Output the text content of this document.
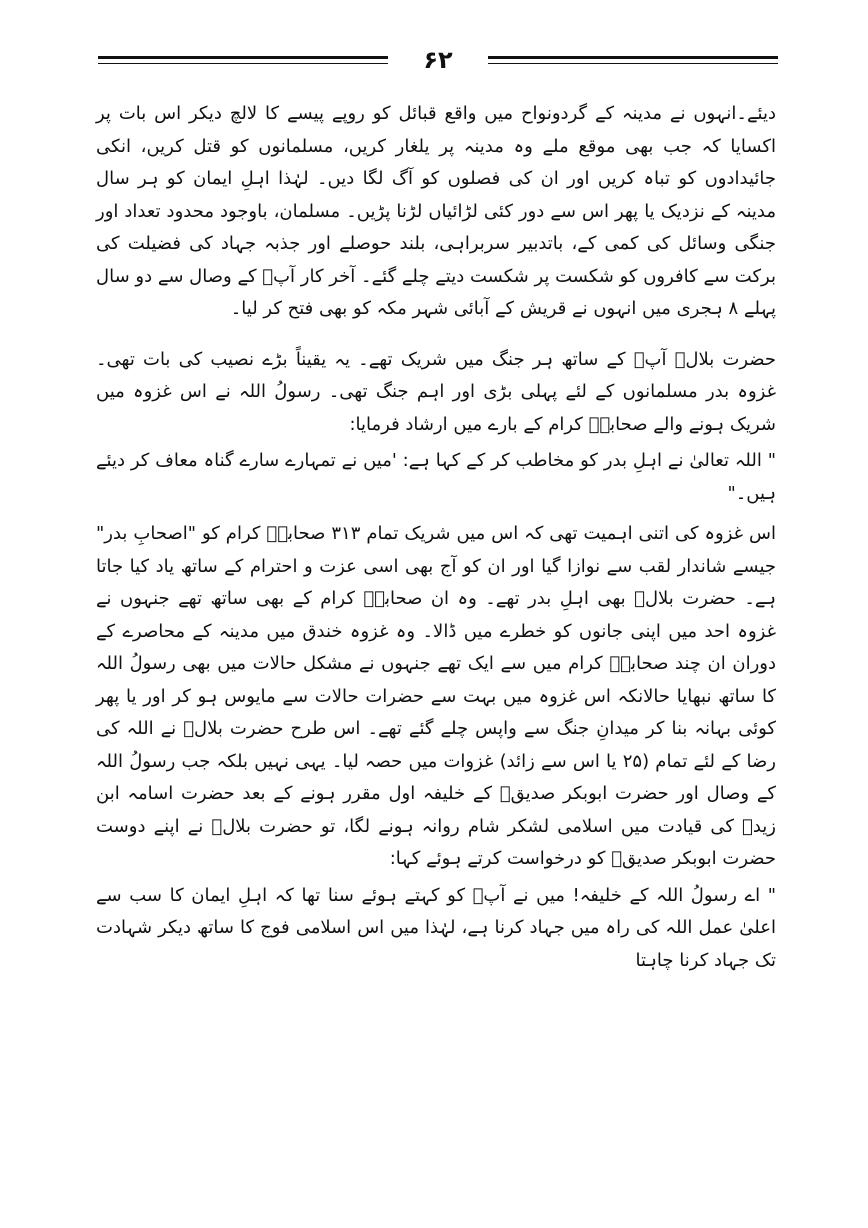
۶۲

دیئے۔انہوں نے مدینہ کے گردونواح میں واقع قبائل کو روپے پیسے کا لالچ دیکر اس بات پر اکسایا کہ جب بھی موقع ملے وہ مدینہ پر یلغار کریں، مسلمانوں کو قتل کریں، انکی جائیدادوں کو تباہ کریں اور ان کی فصلوں کو آگ لگا دیں۔ لہٰذا اہلِ ایمان کو ہر سال مدینہ کے نزدیک یا پھر اس سے دور کئی لڑائیاں لڑنا پڑیں۔ مسلمان، باوجود محدود تعداد اور جنگی وسائل کی کمی کے، باتدبیر سربراہی، بلند حوصلے اور جذبہ جہاد کی فضیلت کی برکت سے کافروں کو شکست پر شکست دیتے چلے گئے۔ آخر کار آپؐ کے وصال سے دو سال پہلے ۸ ہجری میں انہوں نے قریش کے آبائی شہر مکہ کو بھی فتح کر لیا۔

حضرت بلالؓ آپؐ کے ساتھ ہر جنگ میں شریک تھے۔ یہ یقیناً بڑے نصیب کی بات تھی۔ غزوہ بدر مسلمانوں کے لئے پہلی بڑی اور اہم جنگ تھی۔ رسولُ اللہ نے اس غزوہ میں شریک ہونے والے صحابہؓ کرام کے بارے میں ارشاد فرمایا:

" اللہ تعالیٰ نے اہلِ بدر کو مخاطب کر کے کہا ہے: 'میں نے تمہارے سارے گناہ معاف کر دیئے ہیں۔"

اس غزوہ کی اتنی اہمیت تھی کہ اس میں شریک تمام ۳۱۳ صحابہؓ کرام کو "اصحابِ بدر" جیسے شاندار لقب سے نوازا گیا اور ان کو آج بھی اسی عزت و احترام کے ساتھ یاد کیا جاتا ہے۔ حضرت بلالؓ بھی اہلِ بدر تھے۔ وہ ان صحابہؓ کرام کے بھی ساتھ تھے جنہوں نے غزوہ احد میں اپنی جانوں کو خطرے میں ڈالا۔ وہ غزوہ خندق میں مدینہ کے محاصرے کے دوران ان چند صحابہؓ کرام میں سے ایک تھے جنہوں نے مشکل حالات میں بھی رسولُ اللہ کا ساتھ نبھایا حالانکہ اس غزوہ میں بہت سے حضرات حالات سے مایوس ہو کر اور یا پھر کوئی بہانہ بنا کر میدانِ جنگ سے واپس چلے گئے تھے۔ اس طرح حضرت بلالؓ نے اللہ کی رضا کے لئے تمام (۲۵ یا اس سے زائد) غزوات میں حصہ لیا۔ یہی نہیں بلکہ جب رسولُ اللہ کے وصال اور حضرت ابوبکر صدیقؓ کے خلیفہ اول مقرر ہونے کے بعد حضرت اسامہ ابن زیدؓ کی قیادت میں اسلامی لشکر شام روانہ ہونے لگا، تو حضرت بلالؓ نے اپنے دوست حضرت ابوبکر صدیقؓ کو درخواست کرتے ہوئے کہا:

" اے رسولُ اللہ کے خلیفہ! میں نے آپؐ کو کہتے ہوئے سنا تھا کہ اہلِ ایمان کا سب سے اعلیٰ عمل اللہ کی راہ میں جہاد کرنا ہے، لہٰذا میں اس اسلامی فوج کا ساتھ دیکر شہادت تک جہاد کرنا چاہتا
